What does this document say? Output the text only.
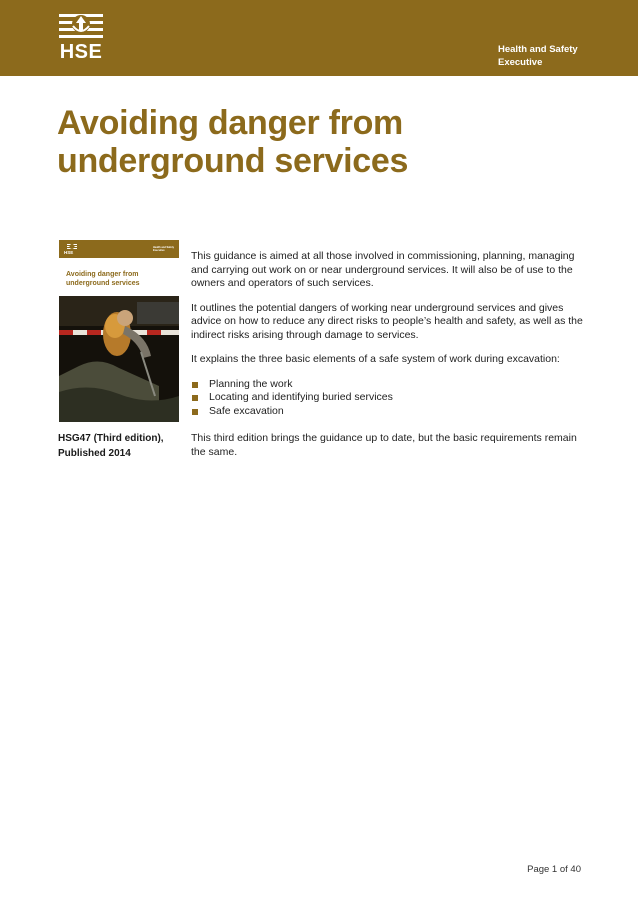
HSE	Health and Safety
Executive
Avoiding danger from underground services
HSE
Health and Safety Executive
Avoiding danger from underground services
HSG47 (Third edition),
Published 2014

This guidance is aimed at all those involved in commissioning, planning, managing and carrying out work on or near underground services. It will also be of use to the owners and operators of such services.

It outlines the potential dangers of working near underground services and gives advice on how to reduce any direct risks to people’s health and safety, as well as the indirect risks arising through damage to services.

It explains the three basic elements of a safe system of work during excavation:

Planning the work
Locating and identifying buried services
Safe excavation

This third edition brings the guidance up to date, but the basic requirements remain the same.

Page 1 of 40
